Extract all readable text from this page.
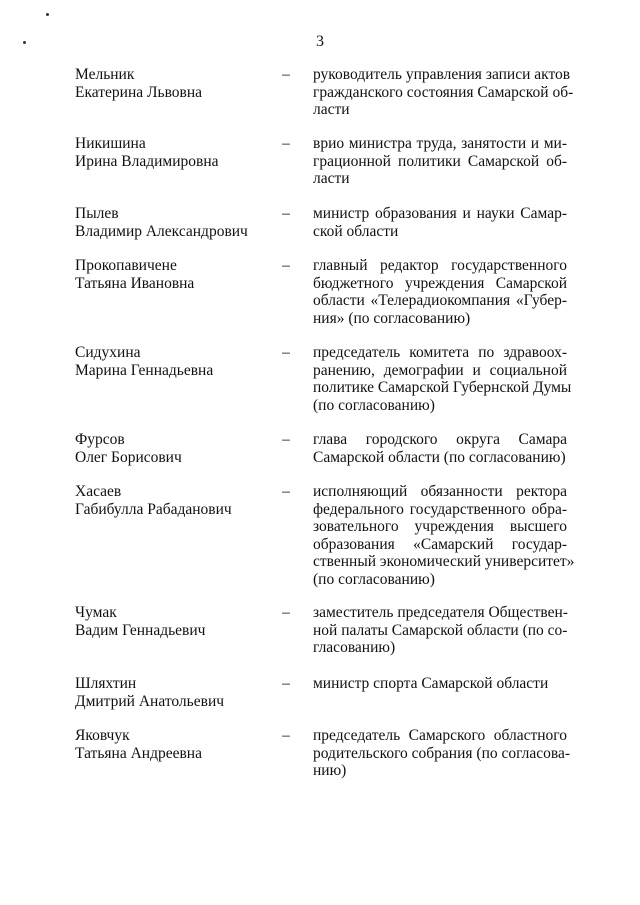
3
Мельник
Екатерина Львовна
– руководитель управления записи актов
гражданского состояния Самарской об-
ласти
Никишина
Ирина Владимировна
– врио министра труда, занятости и ми-
грационной политики Самарской об-
ласти
Пылев
Владимир Александрович
– министр образования и науки Самар-
ской области
Прокопавичене
Татьяна Ивановна
– главный редактор государственного
бюджетного учреждения Самарской
области «Телерадиокомпания «Губер-
ния» (по согласованию)
Сидухина
Марина Геннадьевна
– председатель комитета по здравоох-
ранению, демографии и социальной
политике Самарской Губернской Думы
(по согласованию)
Фурсов
Олег Борисович
– глава городского округа Самара
Самарской области (по согласованию)
Хасаев
Габибулла Рабаданович
– исполняющий обязанности ректора
федерального государственного обра-
зовательного учреждения высшего
образования «Самарский государ-
ственный экономический университет»
(по согласованию)
Чумак
Вадим Геннадьевич
– заместитель председателя Обществен-
ной палаты Самарской области (по со-
гласованию)
Шляхтин
Дмитрий Анатольевич
– министр спорта Самарской области
Яковчук
Татьяна Андреевна
– председатель Самарского областного
родительского собрания (по согласова-
нию)
